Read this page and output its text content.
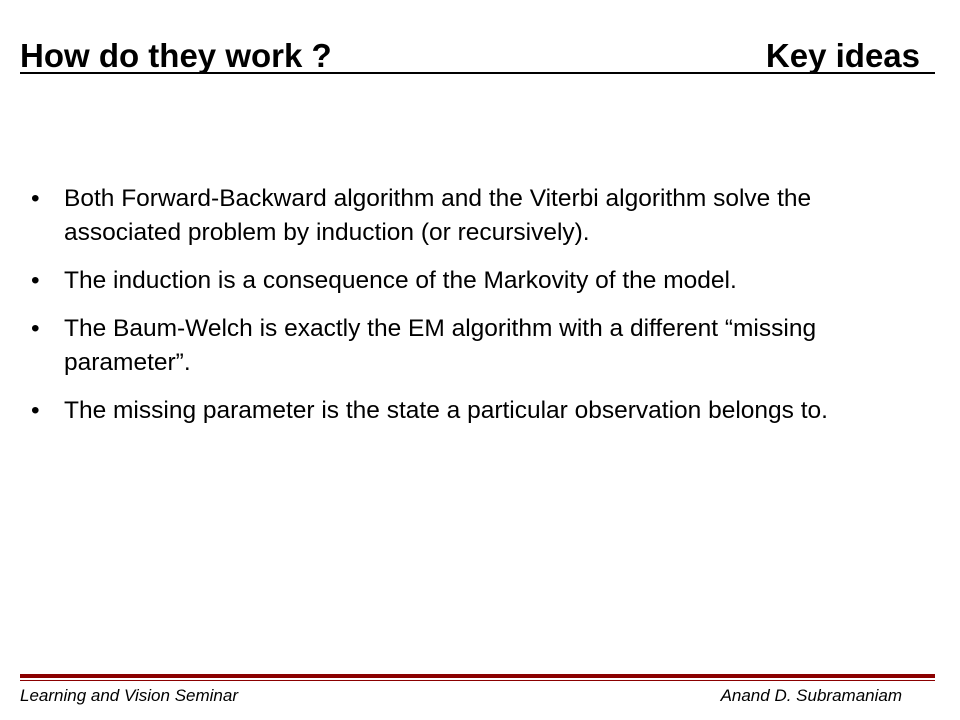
How do they work ?	Key ideas
• Both Forward-Backward algorithm and the Viterbi algorithm solve the associated problem by induction (or recursively).
• The induction is a consequence of the Markovity of the model.
• The Baum-Welch is exactly the EM algorithm with a different “missing parameter”.
• The missing parameter is the state a particular observation belongs to.
Learning and Vision Seminar	Anand D. Subramaniam
